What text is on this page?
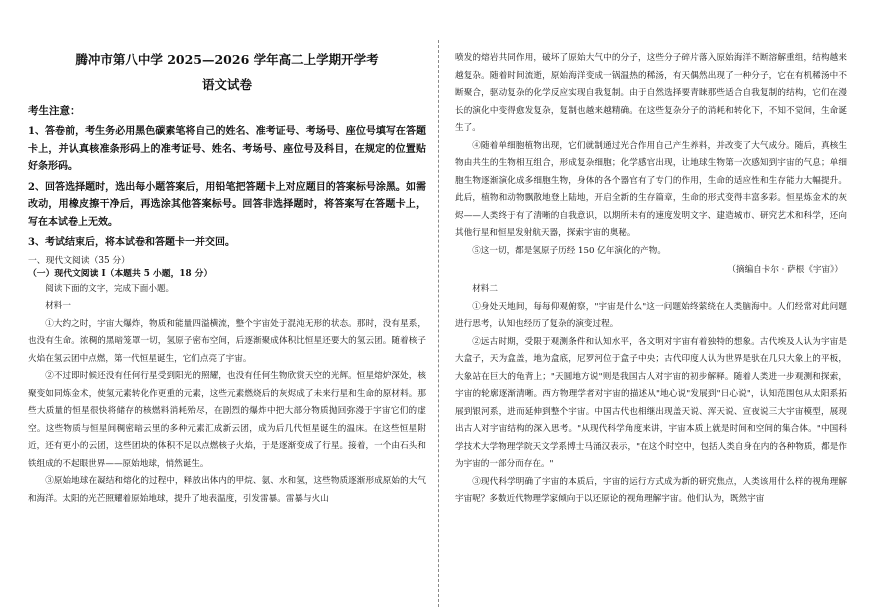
腾冲市第八中学 2025—2026 学年高二上学期开学考

语文试卷

考生注意：

1、答卷前，考生务必用黑色碳素笔将自己的姓名、准考证号、考场号、座位号填写在答题卡上，并认真核准条形码上的准考证号、姓名、考场号、座位号及科目，在规定的位置贴好条形码。

2、回答选择题时，选出每小题答案后，用铅笔把答题卡上对应题目的答案标号涂黑。如需改动，用橡皮擦干净后，再选涂其他答案标号。回答非选择题时，将答案写在答题卡上，写在本试卷上无效。

3、考试结束后，将本试卷和答题卡一并交回。

一、现代文阅读（35 分）

（一）现代文阅读 Ⅰ（本题共 5 小题，18 分）

阅读下面的文字，完成下面小题。

材料一

①大约之时，宇宙大爆炸，物质和能量四溢横流，整个宇宙处于混沌无形的状态。那时，没有星系，也没有生命。浓稠的黑暗笼罩一切，氢原子密布空间，后逐渐聚成体积比恒星还要大的氢云团。随着核子火焰在氢云团中点燃，第一代恒星诞生，它们点亮了宇宙。

②不过即时候还没有任何行星受到阳光的照耀，也没有任何生物欣赏天空的光辉。恒星熔炉深处，核聚变如同炼金术，使氢元素转化作更重的元素，这些元素燃烧后的灰烬成了未来行星和生命的原材料。那些大质量的恒星很快将储存的核燃料消耗殆尽，在剧烈的爆炸中把大部分物质抛回弥漫于宇宙它们的虚空。这些物质与恒星间稠密暗云里的多种元素汇成新云团，成为后几代恒星诞生的温床。在这些恒星附近，还有更小的云团，这些团块的体积不足以点燃核子火焰，于是逐渐变成了行星。接着，一个由石头和铁组成的不起眼世界——原始地球，悄然诞生。

③原始地球在凝结和熔化的过程中，释放出体内的甲烷、氨、水和氢，这些物质逐渐形成原始的大气和海洋。太阳的光芒照耀着原始地球，提升了地表温度，引发雷暴。雷暴与火山

喷发的熔岩共同作用，破坏了原始大气中的分子，这些分子碎片落入原始海洋不断溶解重组，结构越来越复杂。随着时间流逝，原始海洋变成一锅温热的稀汤，有天偶然出现了一种分子，它在有机稀汤中不断聚合，驱动复杂的化学反应实现自我复制。由于自然选择要青睐那些适合自我复制的结构，它们在漫长的演化中变得愈发复杂，复制也越来越精确。在这些复杂分子的消耗和转化下，不知不觉间，生命诞生了。

④随着单细胞植物出现，它们就制通过光合作用自己产生养料，并改变了大气成分。随后，真核生物由共生的生物相互组合，形成复杂细胞；化学感官出现，让地球生物第一次感知到宇宙的气息；单细胞生物逐渐演化成多细胞生物，身体的各个器官有了专门的作用，生命的适应性和生存能力大幅提升。此后，植物和动物飘散地登上陆地，开启全新的生存篇章，生命的形式变得丰富多彩。恒星炼金术的灰烬——人类终于有了清晰的自我意识，以期所未有的速度发明文字、建造城市、研究艺术和科学，还向其他行星和恒星发射航天器，探索宇宙的奥秘。

⑤这一切，都是氢原子历经 150 亿年演化的产物。

（摘编自卡尔 · 萨根《宇宙》）

材料二

①身处天地间，每每仰观俯察，"宇宙是什么"这一问题始终萦绕在人类脑海中。人们经常对此问题进行思考，认知也经历了复杂的演变过程。

②远古时期，受限于观测条件和认知水平，各文明对宇宙有着独特的想象。古代埃及人认为宇宙是大盒子，天为盒盖，地为盒底，尼罗河位于盒子中央；古代印度人认为世界是驮在几只大象上的平板，大象站在巨大的龟背上；"天圆地方说"则是我国古人对宇宙的初步解释。随着人类进一步观测和探索，宇宙的轮廓逐渐清晰。西方物理学者对宇宙的描述从"地心说"发展到"日心说"，认知范围包从太阳系拓展到银河系，进而延伸到整个宇宙。中国古代也相继出现盖天说、浑天说、宣夜说三大宇宙模型，展现出古人对宇宙结构的深入思考。"从现代科学角度来讲，宇宙本质上就是时间和空间的集合体。"中国科学技术大学物理学院天文学系博士马涌汉表示，"在这个时空中，包括人类自身在内的各种物质，都是作为宇宙的一部分而存在。"

③现代科学明确了宇宙的本质后，宇宙的运行方式成为新的研究焦点，人类该用什么样的视角理解宇宙呢？多数近代物理学家倾向于以还原论的视角理解宇宙。他们认为，既然宇宙
